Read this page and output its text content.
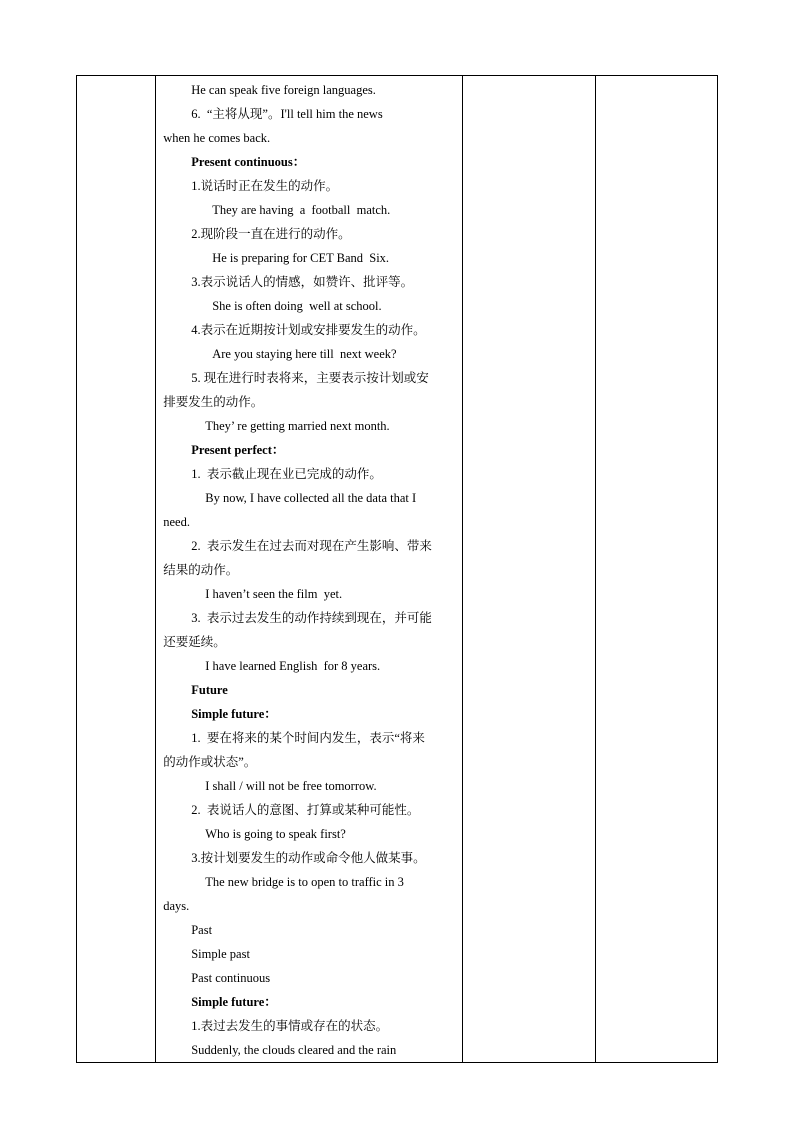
He can speak five foreign languages.
6.  “主将从现”。I'll tell him the news
when he comes back.
Present continuous：
1.说话时正在发生的动作。
They are having  a  football  match.
2.现阶段一直在进行的动作。
He is preparing for CET Band  Six.
3.表示说话人的情感，如赞许、批评等。
She is often doing  well at school.
4.表示在近期按计划或安排要发生的动作。
Are you staying here till  next week?
5. 现在进行时表将来，主要表示按计划或安
排要发生的动作。
They’ re getting married next month.
Present perfect：
1.  表示截止现在业已完成的动作。
By now, I have collected all the data that I
need.
2.  表示发生在过去而对现在产生影响、带来
结果的动作。
I haven’t seen the film  yet.
3.  表示过去发生的动作持续到现在，并可能
还要延续。
I have learned English  for 8 years.
Future
Simple future：
1.  要在将来的某个时间内发生，表示“将来
的动作或状态”。
I shall / will not be free tomorrow.
2.  表说话人的意图、打算或某种可能性。
Who is going to speak first?
3.按计划要发生的动作或命令他人做某事。
The new bridge is to open to traffic in 3
days.
Past
Simple past
Past continuous
Simple future：
1.表过去发生的事情或存在的状态。
Suddenly, the clouds cleared and the rain
